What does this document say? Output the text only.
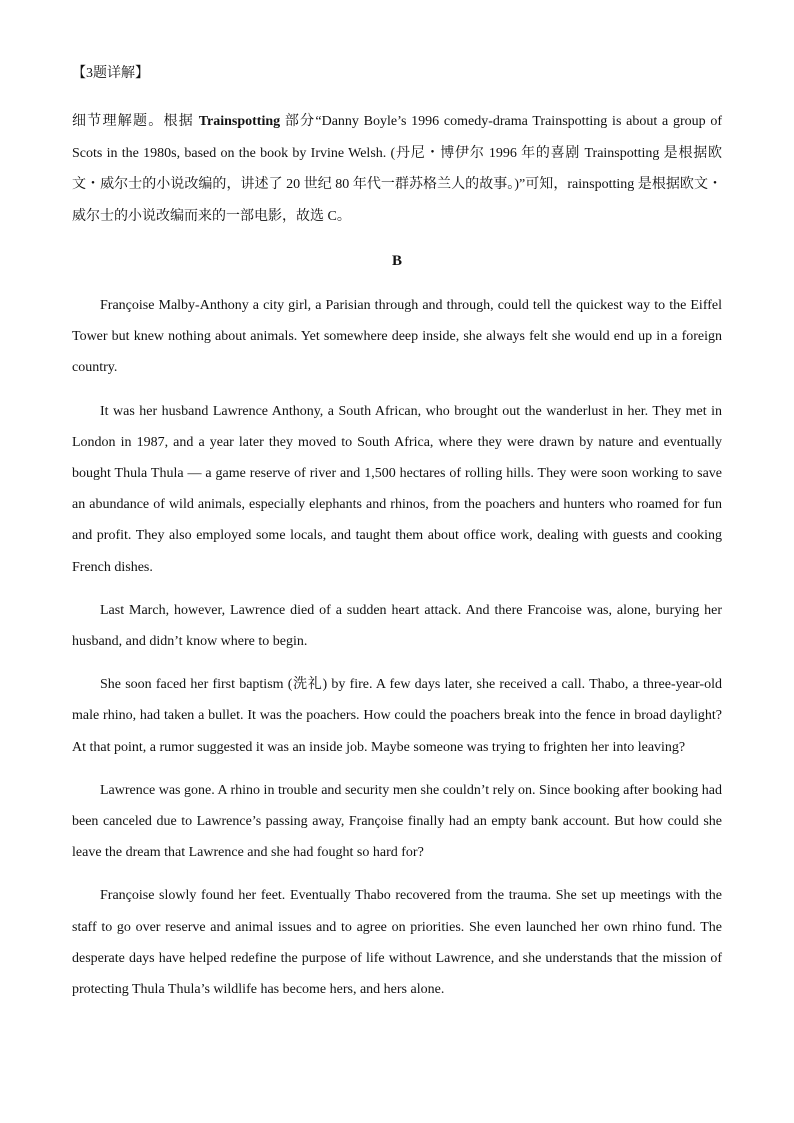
【3题详解】

细节理解题。根据 Trainspotting 部分“Danny Boyle’s 1996 comedy-drama Trainspotting is about a group of Scots in the 1980s, based on the book by Irvine Welsh. (丹尼・博伊尔 1996 年的喜剧 Trainspotting 是根据欧文・威尔士的小说改编的，讲述了 20 世纪 80 年代一群苏格兰人的故事。)”可知，rainspotting 是根据欧文・威尔士的小说改编而来的一部电影，故选 C。

B

Françoise Malby-Anthony a city girl, a Parisian through and through, could tell the quickest way to the Eiffel Tower but knew nothing about animals. Yet somewhere deep inside, she always felt she would end up in a foreign country.

It was her husband Lawrence Anthony, a South African, who brought out the wanderlust in her. They met in London in 1987, and a year later they moved to South Africa, where they were drawn by nature and eventually bought Thula Thula — a game reserve of river and 1,500 hectares of rolling hills. They were soon working to save an abundance of wild animals, especially elephants and rhinos, from the poachers and hunters who roamed for fun and profit. They also employed some locals, and taught them about office work, dealing with guests and cooking French dishes.

Last March, however, Lawrence died of a sudden heart attack. And there Francoise was, alone, burying her husband, and didn’t know where to begin.

She soon faced her first baptism (洗礼) by fire. A few days later, she received a call. Thabo, a three-year-old male rhino, had taken a bullet. It was the poachers. How could the poachers break into the fence in broad daylight? At that point, a rumor suggested it was an inside job. Maybe someone was trying to frighten her into leaving?

Lawrence was gone. A rhino in trouble and security men she couldn’t rely on. Since booking after booking had been canceled due to Lawrence’s passing away, Françoise finally had an empty bank account. But how could she leave the dream that Lawrence and she had fought so hard for?

Françoise slowly found her feet. Eventually Thabo recovered from the trauma. She set up meetings with the staff to go over reserve and animal issues and to agree on priorities. She even launched her own rhino fund. The desperate days have helped redefine the purpose of life without Lawrence, and she understands that the mission of protecting Thula Thula’s wildlife has become hers, and hers alone.
